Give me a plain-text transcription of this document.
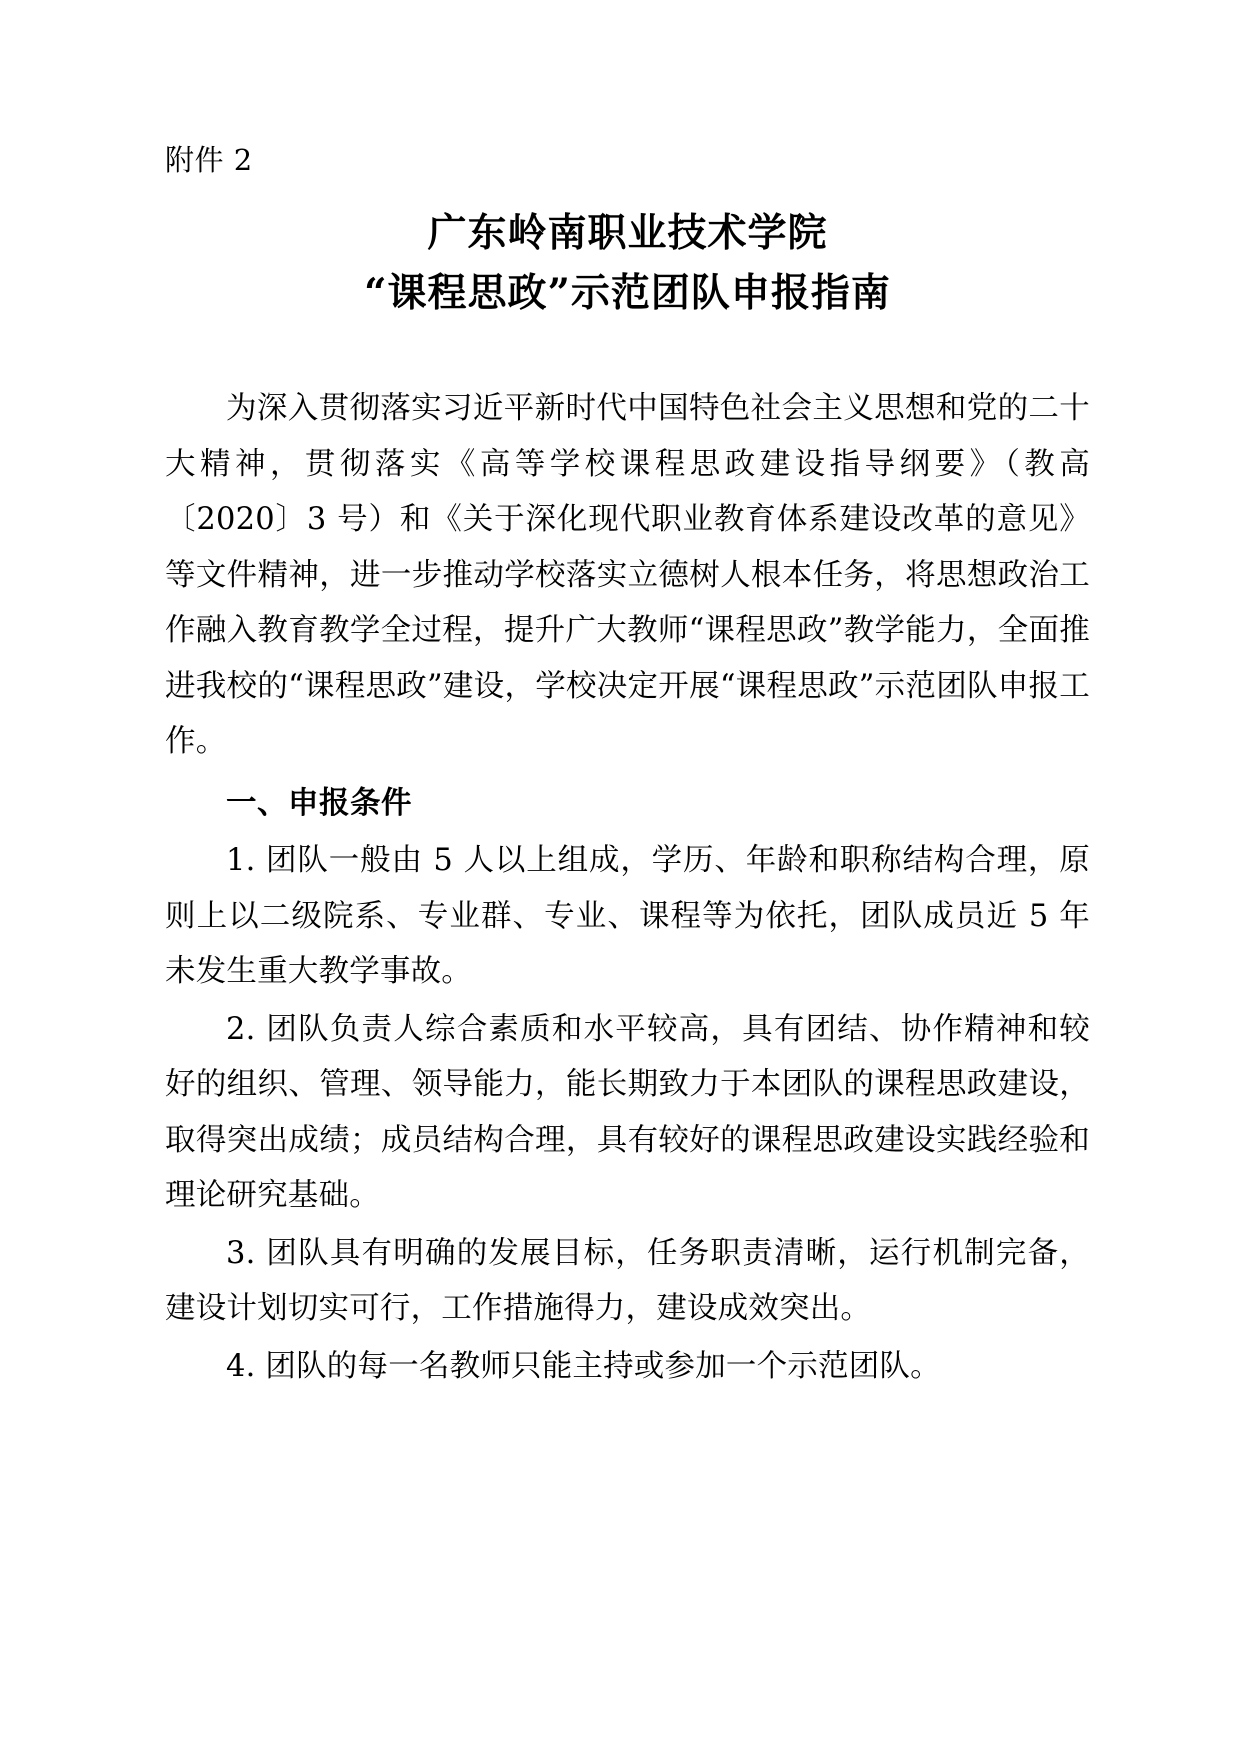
附件 2
广东岭南职业技术学院
“课程思政”示范团队申报指南

为深入贯彻落实习近平新时代中国特色社会主义思想和党的二十大精神，贯彻落实《高等学校课程思政建设指导纲要》（教高〔2020〕3 号）和《关于深化现代职业教育体系建设改革的意见》等文件精神，进一步推动学校落实立德树人根本任务，将思想政治工作融入教育教学全过程，提升广大教师“课程思政”教学能力，全面推进我校的“课程思政”建设，学校决定开展“课程思政”示范团队申报工作。

一、申报条件

1. 团队一般由 5 人以上组成，学历、年龄和职称结构合理，原则上以二级院系、专业群、专业、课程等为依托，团队成员近 5 年未发生重大教学事故。

2. 团队负责人综合素质和水平较高，具有团结、协作精神和较好的组织、管理、领导能力，能长期致力于本团队的课程思政建设，取得突出成绩；成员结构合理，具有较好的课程思政建设实践经验和理论研究基础。

3. 团队具有明确的发展目标，任务职责清晰，运行机制完备，建设计划切实可行，工作措施得力，建设成效突出。

4. 团队的每一名教师只能主持或参加一个示范团队。
